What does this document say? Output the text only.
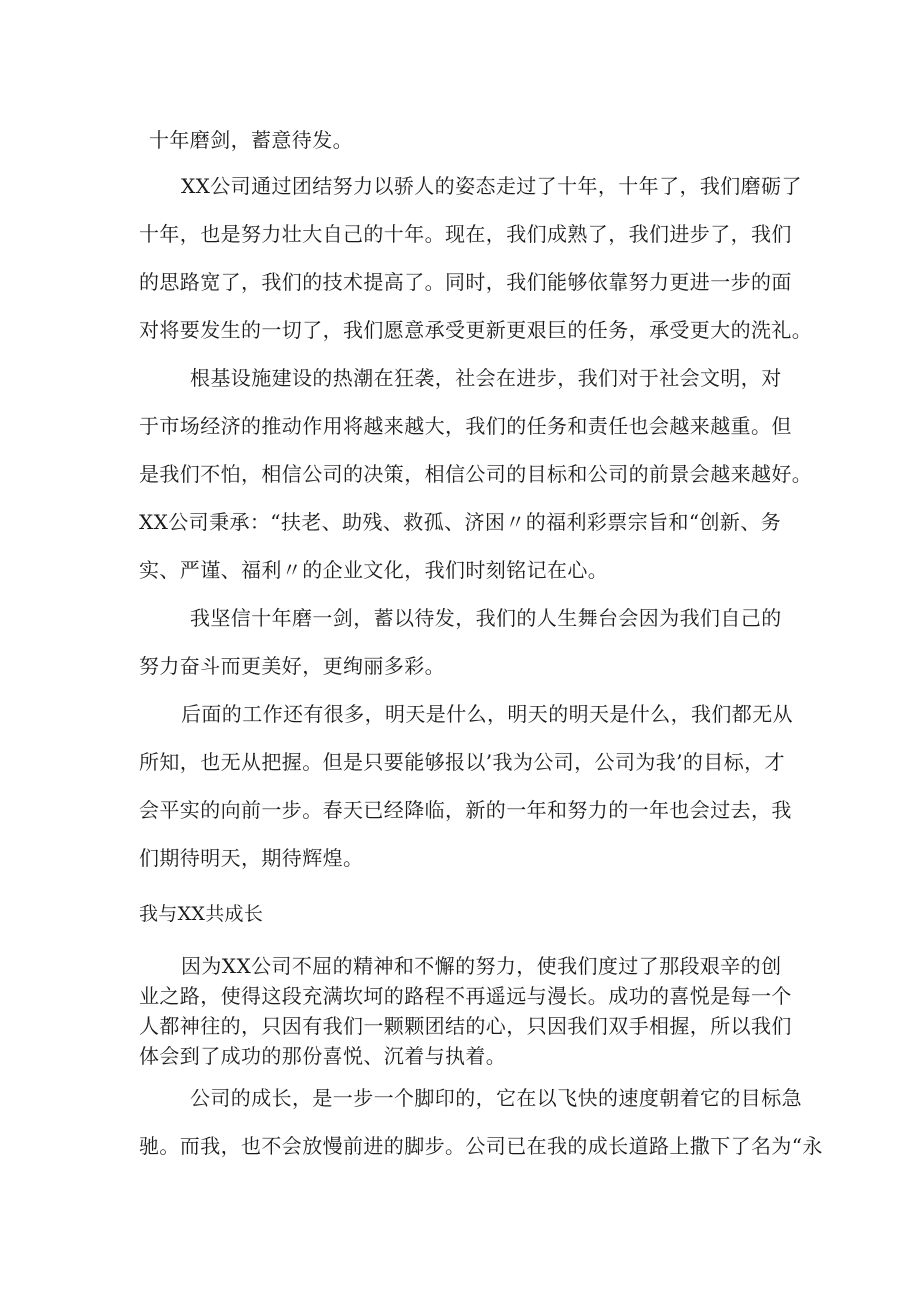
十年磨剑，蓄意待发。
XX公司通过团结努力以骄人的姿态走过了十年，十年了，我们磨砺了
十年，也是努力壮大自己的十年。现在，我们成熟了，我们进步了，我们
的思路宽了，我们的技术提高了。同时，我们能够依靠努力更进一步的面
对将要发生的一切了，我们愿意承受更新更艰巨的任务，承受更大的洗礼。
根基设施建设的热潮在狂袭，社会在进步，我们对于社会文明，对
于市场经济的推动作用将越来越大，我们的任务和责任也会越来越重。但
是我们不怕，相信公司的决策，相信公司的目标和公司的前景会越来越好。
XX公司秉承：“扶老、助残、救孤、济困〃的福利彩票宗旨和“创新、务
实、严谨、福利〃的企业文化，我们时刻铭记在心。
我坚信十年磨一剑，蓄以待发，我们的人生舞台会因为我们自己的
努力奋斗而更美好，更绚丽多彩。
后面的工作还有很多，明天是什么，明天的明天是什么，我们都无从
所知，也无从把握。但是只要能够报以’我为公司，公司为我’的目标，才
会平实的向前一步。春天已经降临，新的一年和努力的一年也会过去，我
们期待明天，期待辉煌。
我与XX共成长
因为XX公司不屈的精神和不懈的努力，使我们度过了那段艰辛的创
业之路，使得这段充满坎坷的路程不再遥远与漫长。成功的喜悦是每一个
人都神往的，只因有我们一颗颗团结的心，只因我们双手相握，所以我们
体会到了成功的那份喜悦、沉着与执着。
公司的成长，是一步一个脚印的，它在以飞快的速度朝着它的目标急
驰。而我，也不会放慢前进的脚步。公司已在我的成长道路上撒下了名为“永
